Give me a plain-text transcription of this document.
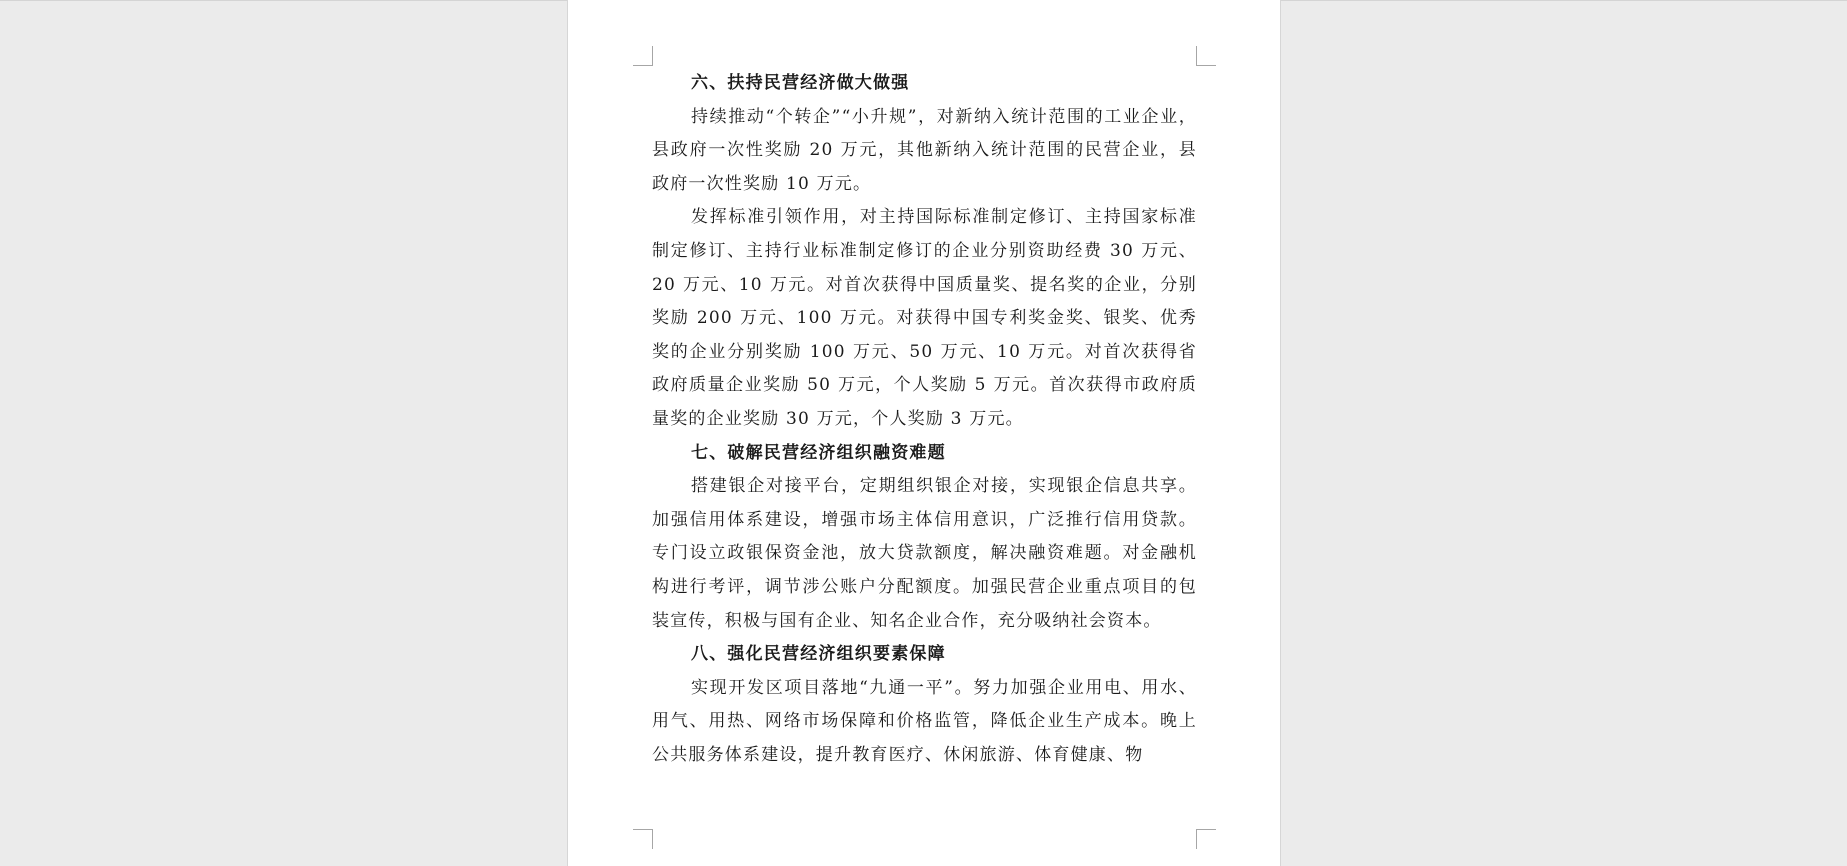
六、扶持民营经济做大做强

持续推动“个转企”“小升规”，对新纳入统计范围的工业企业，县政府一次性奖励 20 万元，其他新纳入统计范围的民营企业，县政府一次性奖励 10 万元。

发挥标准引领作用，对主持国际标准制定修订、主持国家标准制定修订、主持行业标准制定修订的企业分别资助经费 30 万元、20 万元、10 万元。对首次获得中国质量奖、提名奖的企业，分别奖励 200 万元、100 万元。对获得中国专利奖金奖、银奖、优秀奖的企业分别奖励 100 万元、50 万元、10 万元。对首次获得省政府质量企业奖励 50 万元，个人奖励 5 万元。首次获得市政府质量奖的企业奖励 30 万元，个人奖励 3 万元。

七、破解民营经济组织融资难题

搭建银企对接平台，定期组织银企对接，实现银企信息共享。加强信用体系建设，增强市场主体信用意识，广泛推行信用贷款。专门设立政银保资金池，放大贷款额度，解决融资难题。对金融机构进行考评，调节涉公账户分配额度。加强民营企业重点项目的包装宣传，积极与国有企业、知名企业合作，充分吸纳社会资本。

八、强化民营经济组织要素保障

实现开发区项目落地“九通一平”。努力加强企业用电、用水、用气、用热、网络市场保障和价格监管，降低企业生产成本。晚上公共服务体系建设，提升教育医疗、休闲旅游、体育健康、物
